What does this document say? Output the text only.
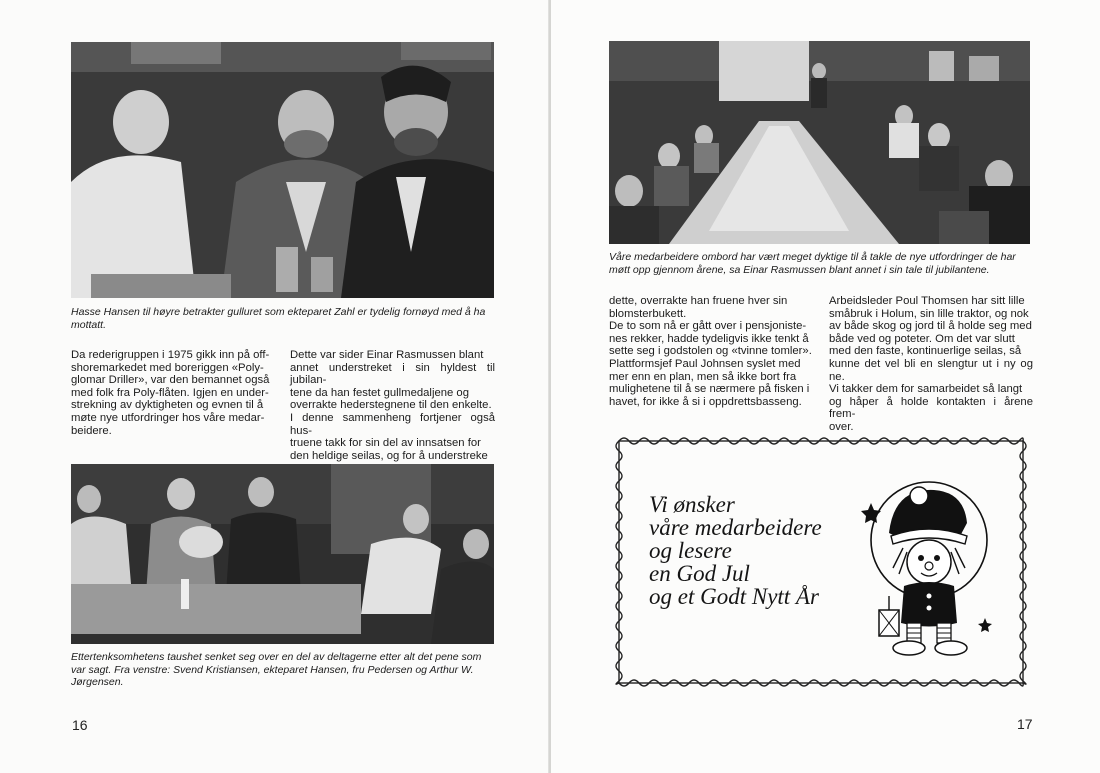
Hasse Hansen til høyre betrakter gulluret som ekteparet Zahl er tydelig fornøyd med å ha mottatt.
Da rederigruppen i 1975 gikk inn på off-
shoremarkedet med boreriggen «Poly-
glomar Driller», var den bemannet også
med folk fra Poly-flåten. Igjen en under-
strekning av dyktigheten og evnen til å
møte nye utfordringer hos våre medar-
beidere.
Dette var sider Einar Rasmussen blant
annet understreket i sin hyldest til jubilan-
tene da han festet gullmedaljene og
overrakte hederstegnene til den enkelte.
I denne sammenheng fortjener også hus-
truene takk for sin del av innsatsen for
den heldige seilas, og for å understreke
Ettertenksomhetens taushet senket seg over en del av deltagerne etter alt det pene som
var sagt. Fra venstre: Svend Kristiansen, ekteparet Hansen, fru Pedersen og Arthur W.
Jørgensen.
16
Våre medarbeidere ombord har vært meget dyktige til å takle de nye utfordringer de har
møtt opp gjennom årene, sa Einar Rasmussen blant annet i sin tale til jubilantene.
dette, overrakte han fruene hver sin
blomsterbukett.
De to som nå er gått over i pensjoniste-
nes rekker, hadde tydeligvis ikke tenkt å
sette seg i godstolen og «tvinne tomler».
Plattformsjef Paul Johnsen syslet med
mer enn en plan, men så ikke bort fra
mulighetene til å se nærmere på fisken i
havet, for ikke å si i oppdrettsbasseng.
Arbeidsleder Poul Thomsen har sitt lille
småbruk i Holum, sin lille traktor, og nok
av både skog og jord til å holde seg med
både ved og poteter. Om det var slutt
med den faste, kontinuerlige seilas, så
kunne det vel bli en slengtur ut i ny og ne.
Vi takker dem for samarbeidet så langt
og håper å holde kontakten i årene frem-
over.
17
Vi ønsker
våre medarbeidere
og lesere
en God Jul
og et Godt Nytt År
